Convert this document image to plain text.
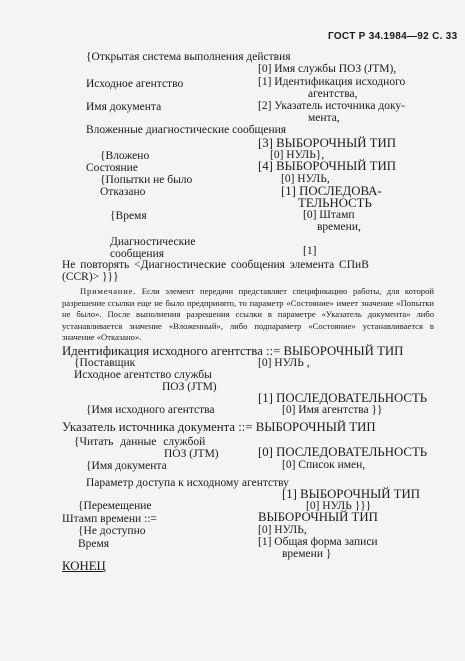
ГОСТ Р 34.1984—92 С. 33
{Открытая система выполнения действия
[0] Имя службы ПОЗ (JTM),
Исходное агентство	[1] Идентификация исходного
агентства,
Имя документа	[2] Указатель источника доку-
мента,
Вложенные диагностические сообщения
[3] ВЫБОРОЧНЫЙ ТИП
{Вложено	[0] НУЛЬ},
Состояние	[4] ВЫБОРОЧНЫЙ ТИП
{Попытки не было	[0] НУЛЬ,
Отказано	[1] ПОСЛЕДОВА-
ТЕЛЬНОСТЬ
{Время	[0] Штамп
времени,
Диагностические
сообщения	[1]
Не повторять <Диагностические сообщения элемента СПиВ
(CCR)> }}}
Примечание. Если элемент передачи представляет спецификацию работы, для которой разрешение ссылки еще не было предпринято, то параметр «Состояние» имеет значение «Попытки не было». После выполнения разрешения ссылки в параметре «Указатель документа» либо устанавливается значение «Вложенный», либо подпараметр «Состояние» устанавливается в значение «Отказано».
Идентификация исходного агентства ::= ВЫБОРОЧНЫЙ ТИП
{Поставщик	[0] НУЛЬ ,
Исходное агентство службы
ПОЗ (JTM)
[1] ПОСЛЕДОВАТЕЛЬНОСТЬ
{Имя исходного агентства	[0] Имя агентства }}
Указатель источника документа ::= ВЫБОРОЧНЫЙ ТИП
{Читать данные службой
ПОЗ (JTM)	[0] ПОСЛЕДОВАТЕЛЬНОСТЬ
{Имя документа	[0] Список имен,
Параметр доступа к исходному агентству
[1] ВЫБОРОЧНЫЙ ТИП
{Перемещение	[0] НУЛЬ }}}
Штамп времени ::=	ВЫБОРОЧНЫЙ ТИП
{Не доступно	[0] НУЛЬ,
Время	[1] Общая форма записи
времени }
КОНЕЦ
